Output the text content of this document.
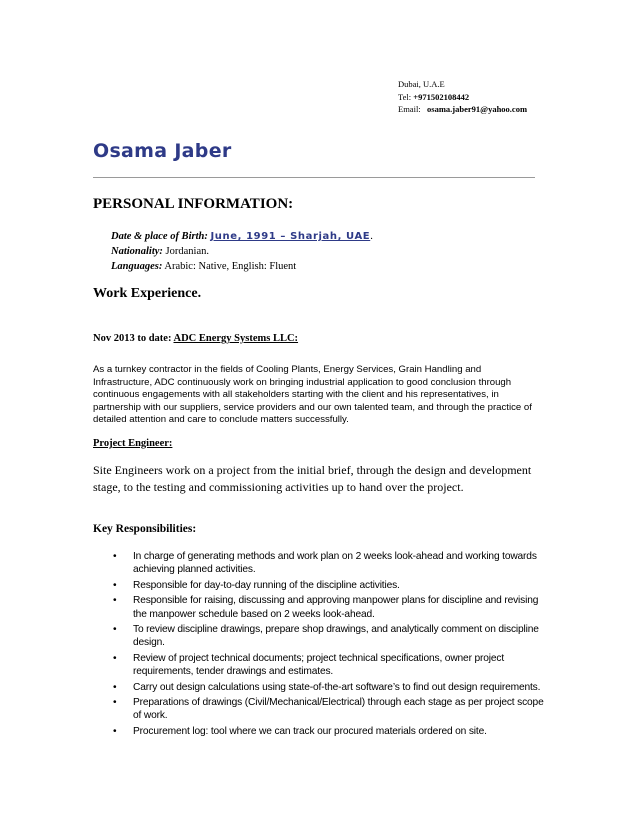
Dubai, U.A.E
Tel: +971502108442
Email: osama.jaber91@yahoo.com
Osama Jaber
PERSONAL INFORMATION:
Date & place of Birth: June, 1991 – Sharjah, UAE.
Nationality: Jordanian.
Languages: Arabic: Native, English: Fluent
Work Experience.
Nov 2013 to date: ADC Energy Systems LLC:
As a turnkey contractor in the fields of Cooling Plants, Energy Services, Grain Handling and Infrastructure, ADC continuously work on bringing industrial application to good conclusion through continuous engagements with all stakeholders starting with the client and his representatives, in partnership with our suppliers, service providers and our own talented team, and through the practice of detailed attention and care to conclude matters successfully.
Project Engineer:
Site Engineers work on a project from the initial brief, through the design and development stage, to the testing and commissioning activities up to hand over the project.
Key Responsibilities:
• In charge of generating methods and work plan on 2 weeks look-ahead and working towards achieving planned activities.
• Responsible for day-to-day running of the discipline activities.
• Responsible for raising, discussing and approving manpower plans for discipline and revising the manpower schedule based on 2 weeks look-ahead.
• To review discipline drawings, prepare shop drawings, and analytically comment on discipline design.
• Review of project technical documents; project technical specifications, owner project requirements, tender drawings and estimates.
• Carry out design calculations using state-of-the-art software’s to find out design requirements.
• Preparations of drawings (Civil/Mechanical/Electrical) through each stage as per project scope of work.
• Procurement log: tool where we can track our procured materials ordered on site.
